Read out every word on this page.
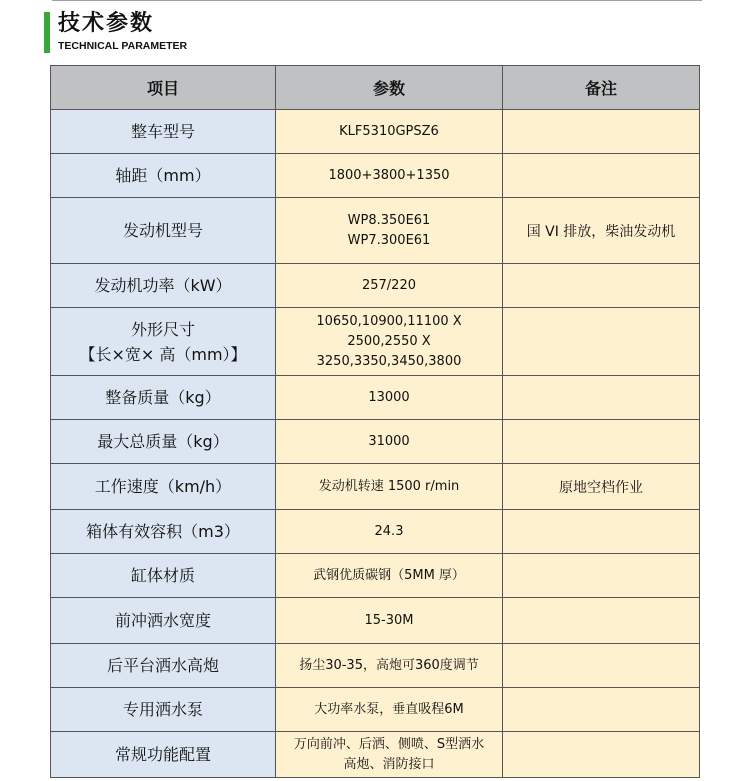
技术参数
TECHNICAL PARAMETER
项目	参数	备注

整车型号	KLF5310GPSZ6	

轴距（mm）	1800+3800+1350	

发动机型号	WP8.350E61
WP7.300E61	国 VI 排放，柴油发动机

发动机功率（kW）	257/220	

外形尺寸
【长×宽× 高（mm）】	10650,10900,11100 X
2500,2550 X
3250,3350,3450,3800	

整备质量（kg）	13000	

最大总质量（kg）	31000	

工作速度（km/h）	发动机转速 1500 r/min	原地空档作业

箱体有效容积（m3）	24.3	

缸体材质	武钢优质碳钢（5MM 厚）	

前冲洒水宽度	15-30M	

后平台洒水高炮	扬尘30-35，高炮可360度调节	

专用洒水泵	大功率水泵，垂直吸程6M	

常规功能配置	万向前冲、后洒、侧喷、S型洒水
高炮、消防接口	
